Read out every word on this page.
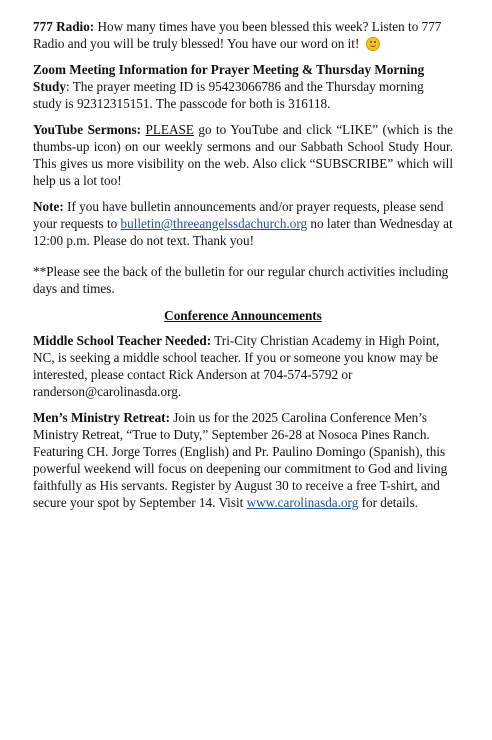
777 Radio: How many times have you been blessed this week? Listen to 777 Radio and you will be truly blessed! You have our word on it!

Zoom Meeting Information for Prayer Meeting & Thursday Morning Study: The prayer meeting ID is 95423066786 and the Thursday morning study is 92312315151. The passcode for both is 316118.

YouTube Sermons: PLEASE go to YouTube and click “LIKE” (which is the thumbs-up icon) on our weekly sermons and our Sabbath School Study Hour. This gives us more visibility on the web. Also click “SUBSCRIBE” which will help us a lot too!

Note: If you have bulletin announcements and/or prayer requests, please send your requests to bulletin@threeangelssdachurch.org no later than Wednesday at 12:00 p.m. Please do not text. Thank you!

**Please see the back of the bulletin for our regular church activities including days and times.

Conference Announcements

Middle School Teacher Needed: Tri-City Christian Academy in High Point, NC, is seeking a middle school teacher. If you or someone you know may be interested, please contact Rick Anderson at 704-574-5792 or randerson@carolinasda.org.

Men’s Ministry Retreat: Join us for the 2025 Carolina Conference Men’s Ministry Retreat, “True to Duty,” September 26-28 at Nosoca Pines Ranch. Featuring CH. Jorge Torres (English) and Pr. Paulino Domingo (Spanish), this powerful weekend will focus on deepening our commitment to God and living faithfully as His servants. Register by August 30 to receive a free T-shirt, and secure your spot by September 14. Visit www.carolinasda.org for details.
